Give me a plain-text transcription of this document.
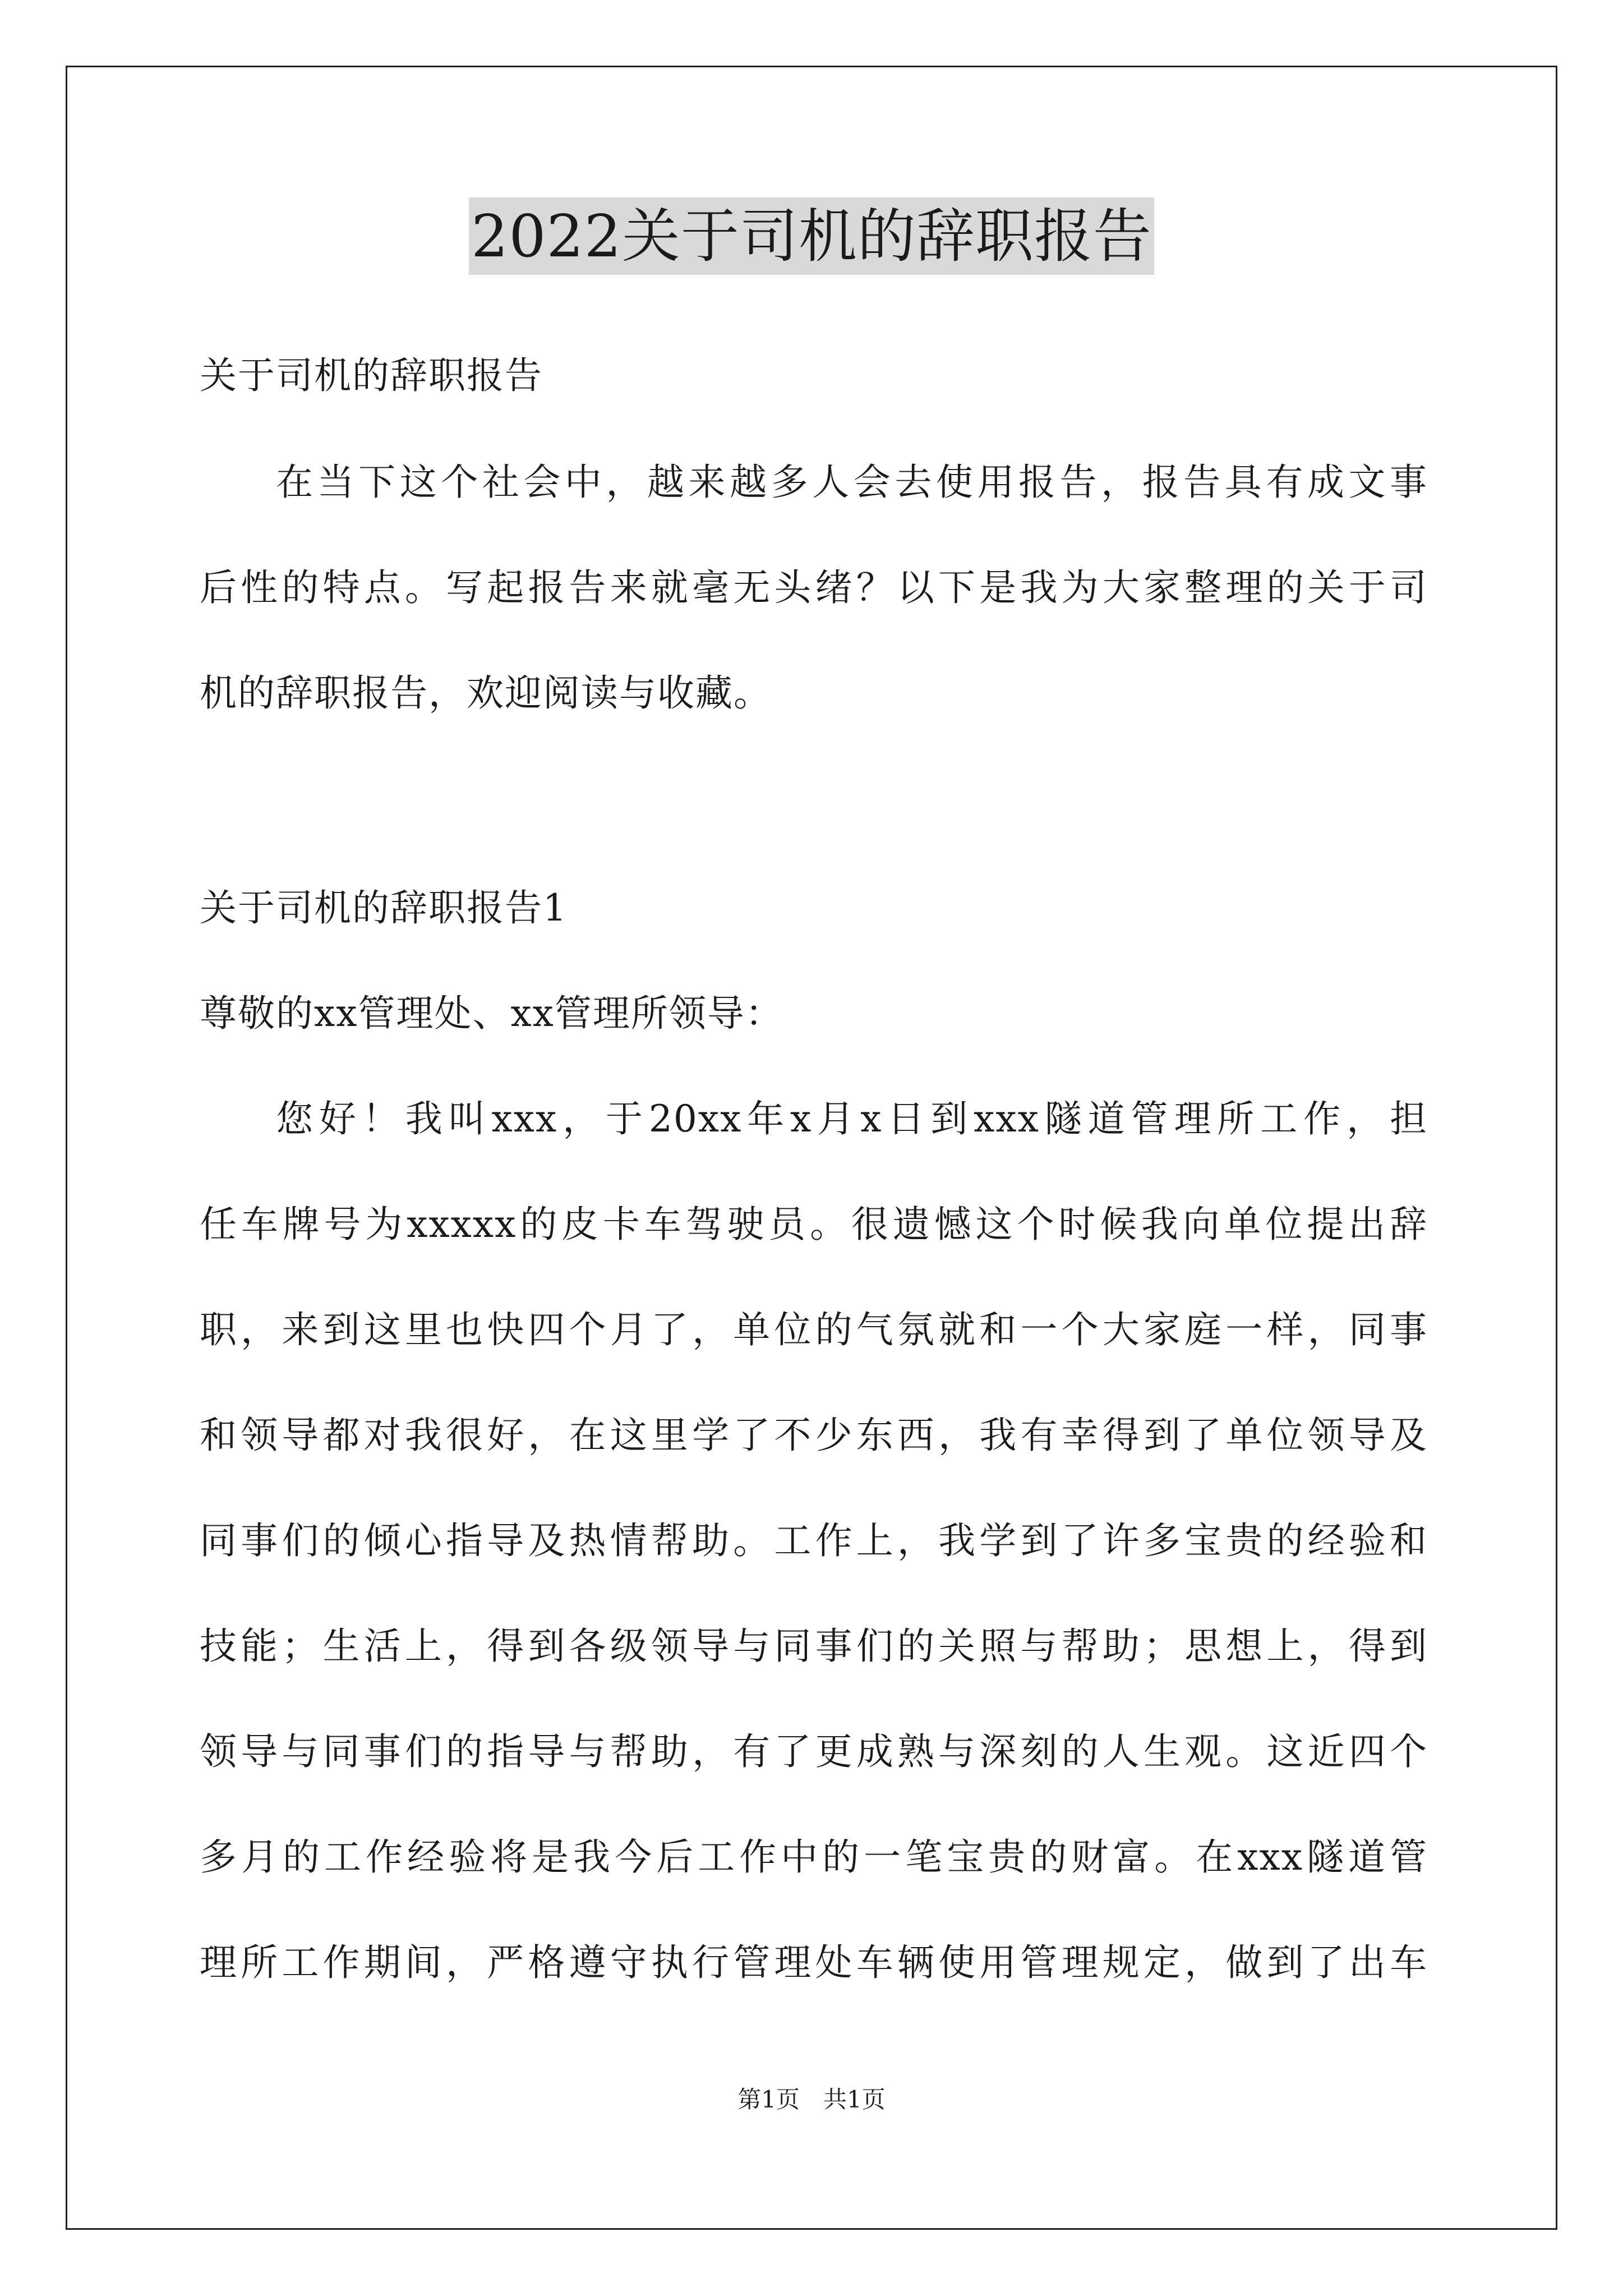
2022关于司机的辞职报告
关于司机的辞职报告
在当下这个社会中，越来越多人会去使用报告，报告具有成文事
后性的特点。写起报告来就毫无头绪？以下是我为大家整理的关于司
机的辞职报告，欢迎阅读与收藏。
关于司机的辞职报告1
尊敬的xx管理处、xx管理所领导：
您好！我叫xxx，于20xx年x月x日到xxx隧道管理所工作，担
任车牌号为xxxxx的皮卡车驾驶员。很遗憾这个时候我向单位提出辞
职，来到这里也快四个月了，单位的气氛就和一个大家庭一样，同事
和领导都对我很好，在这里学了不少东西，我有幸得到了单位领导及
同事们的倾心指导及热情帮助。工作上，我学到了许多宝贵的经验和
技能；生活上，得到各级领导与同事们的关照与帮助；思想上，得到
领导与同事们的指导与帮助，有了更成熟与深刻的人生观。这近四个
多月的工作经验将是我今后工作中的一笔宝贵的财富。在xxx隧道管
理所工作期间，严格遵守执行管理处车辆使用管理规定，做到了出车
第1页　共1页
